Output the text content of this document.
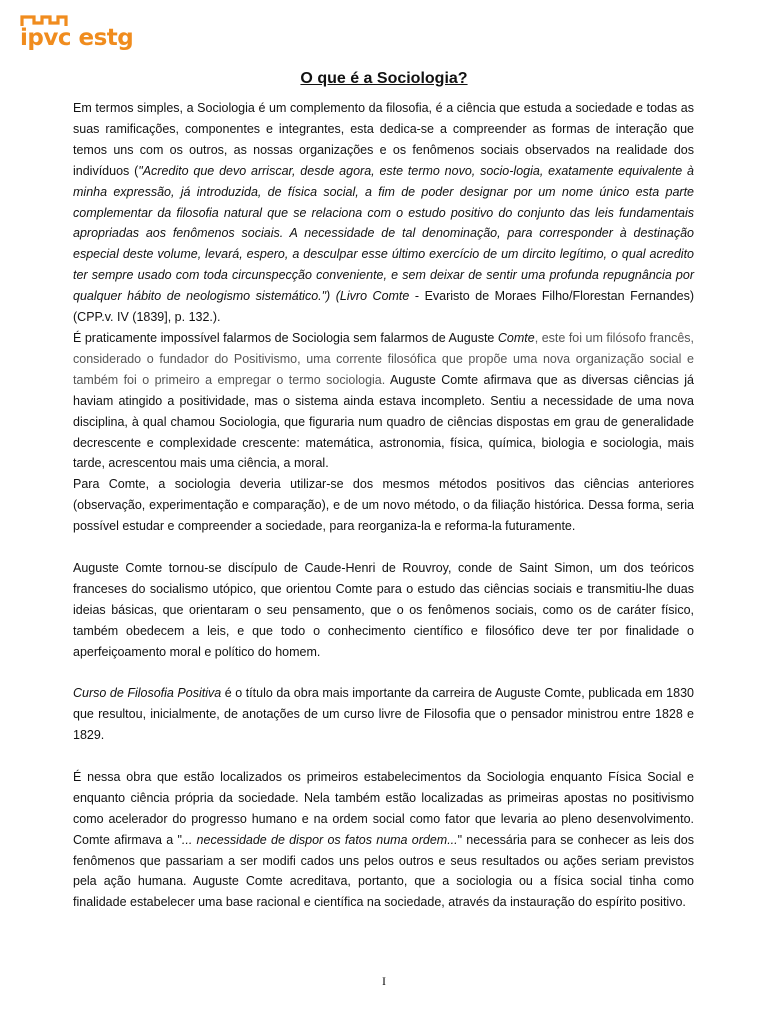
ipvc estg
O que é a Sociologia?

Em termos simples, a Sociologia é um complemento da filosofia, é a ciência que estuda a sociedade e todas as suas ramificações, componentes e integrantes, esta dedica-se a compreender as formas de interação que temos uns com os outros, as nossas organizações e os fenômenos sociais observados na realidade dos indivíduos ("Acredito que devo arriscar, desde agora, este termo novo, socio-logia, exatamente equivalente à minha expressão, já introduzida, de física social, a fim de poder designar por um nome único esta parte complementar da filosofia natural que se relaciona com o estudo positivo do conjunto das leis fundamentais apropriadas aos fenômenos sociais. A necessidade de tal denominação, para corresponder à destinação especial deste volume, levará, espero, a desculpar esse último exercício de um dircito legítimo, o qual acredito ter sempre usado com toda circunspecção conveniente, e sem deixar de sentir uma profunda repugnância por qualquer hábito de neologismo sistemático.") (Livro Comte - Evaristo de Moraes Filho/Florestan Fernandes) (CPP.v. IV (1839], p. 132.).

É praticamente impossível falarmos de Sociologia sem falarmos de Auguste Comte, este foi um filósofo francês, considerado o fundador do Positivismo, uma corrente filosófica que propõe uma nova organização social e também foi o primeiro a empregar o termo sociologia. Auguste Comte afirmava que as diversas ciências já haviam atingido a positividade, mas o sistema ainda estava incompleto. Sentiu a necessidade de uma nova disciplina, à qual chamou Sociologia, que figuraria num quadro de ciências dispostas em grau de generalidade decrescente e complexidade crescente: matemática, astronomia, física, química, biologia e sociologia, mais tarde, acrescentou mais uma ciência, a moral.

Para Comte, a sociologia deveria utilizar-se dos mesmos métodos positivos das ciências anteriores (observação, experimentação e comparação), e de um novo método, o da filiação histórica. Dessa forma, seria possível estudar e compreender a sociedade, para reorganiza-la e reforma-la futuramente.

Auguste Comte tornou-se discípulo de Caude-Henri de Rouvroy, conde de Saint Simon, um dos teóricos franceses do socialismo utópico, que orientou Comte para o estudo das ciências sociais e transmitiu-lhe duas ideias básicas, que orientaram o seu pensamento, que o os fenômenos sociais, como os de caráter físico, também obedecem a leis, e que todo o conhecimento científico e filosófico deve ter por finalidade o aperfeiçoamento moral e político do homem.

Curso de Filosofia Positiva é o título da obra mais importante da carreira de Auguste Comte, publicada em 1830 que resultou, inicialmente, de anotações de um curso livre de Filosofia que o pensador ministrou entre 1828 e 1829.

É nessa obra que estão localizados os primeiros estabelecimentos da Sociologia enquanto Física Social e enquanto ciência própria da sociedade. Nela também estão localizadas as primeiras apostas no positivismo como acelerador do progresso humano e na ordem social como fator que levaria ao pleno desenvolvimento. Comte afirmava a "... necessidade de dispor os fatos numa ordem..." necessária para se conhecer as leis dos fenômenos que passariam a ser modifi cados uns pelos outros e seus resultados ou ações seriam previstos pela ação humana. Auguste Comte acreditava, portanto, que a sociologia ou a física social tinha como finalidade estabelecer uma base racional e científica na sociedade, através da instauração do espírito positivo.

I
